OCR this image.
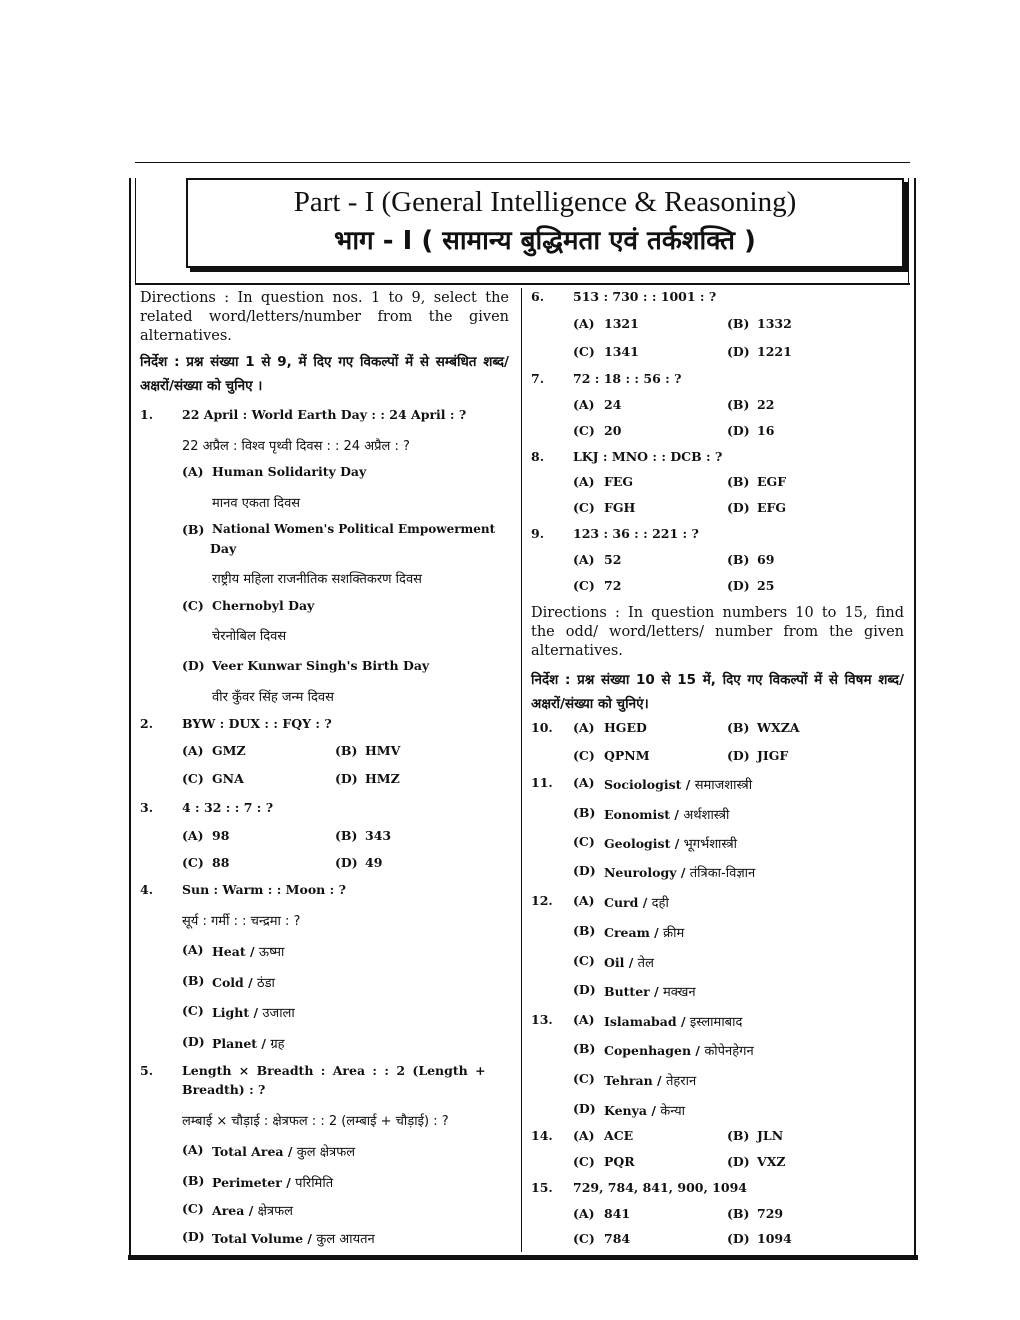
Part - I (General Intelligence & Reasoning)
भाग - I ( सामान्य बुद्धिमता एवं तर्कशक्ति )
Directions : In question nos. 1 to 9, select the related word/letters/number from the given alternatives.
निर्देश : प्रश्न संख्या 1 से 9, में दिए गए विकल्पों में से सम्बंधित शब्द/अक्षरों/संख्या को चुनिए ।
1. 22 April : World Earth Day : : 24 April : ?
22 अप्रैल : विश्व पृथ्वी दिवस : : 24 अप्रैल : ?
(A) Human Solidarity Day
मानव एकता दिवस
(B) National Women's Political Empowerment
Day
राष्ट्रीय महिला राजनीतिक सशक्तिकरण दिवस
(C) Chernobyl Day
चेरनोबिल दिवस
(D) Veer Kunwar Singh's Birth Day
वीर कुँवर सिंह जन्म दिवस
2. BYW : DUX : : FQY : ?
(A) GMZ	(B) HMV
(C) GNA	(D) HMZ
3. 4 : 32 : : 7 : ?
(A) 98	(B) 343
(C) 88	(D) 49
4. Sun : Warm : : Moon : ?
सूर्य : गर्मी : : चन्द्रमा : ?
(A) Heat / ऊष्मा
(B) Cold / ठंडा
(C) Light / उजाला
(D) Planet / ग्रह
5. Length × Breadth : Area : : 2 (Length +
Breadth) : ?
लम्बाई × चौड़ाई : क्षेत्रफल : : 2 (लम्बाई + चौड़ाई) : ?
(A) Total Area / कुल क्षेत्रफल
(B) Perimeter / परिमिति
(C) Area / क्षेत्रफल
(D) Total Volume / कुल आयतन
6. 513 : 730 : : 1001 : ?
(A) 1321	(B) 1332
(C) 1341	(D) 1221
7. 72 : 18 : : 56 : ?
(A) 24	(B) 22
(C) 20	(D) 16
8. LKJ : MNO : : DCB : ?
(A) FEG	(B) EGF
(C) FGH	(D) EFG
9. 123 : 36 : : 221 : ?
(A) 52	(B) 69
(C) 72	(D) 25
Directions : In question numbers 10 to 15, find the odd/ word/letters/ number from the given alternatives.
निर्देश : प्रश्न संख्या 10 से 15 में, दिए गए विकल्पों में से विषम शब्द/अक्षरों/संख्या को चुनिएं।
10. (A) HGED	(B) WXZA
(C) QPNM	(D) JIGF
11. (A) Sociologist / समाजशास्त्री
(B) Eonomist / अर्थशास्त्री
(C) Geologist / भूगर्भशास्त्री
(D) Neurology / तंत्रिका-विज्ञान
12. (A) Curd / दही
(B) Cream / क्रीम
(C) Oil / तेल
(D) Butter / मक्खन
13. (A) Islamabad / इस्लामाबाद
(B) Copenhagen / कोपेनहेगन
(C) Tehran / तेहरान
(D) Kenya / केन्या
14. (A) ACE	(B) JLN
(C) PQR	(D) VXZ
15. 729, 784, 841, 900, 1094
(A) 841	(B) 729
(C) 784	(D) 1094
